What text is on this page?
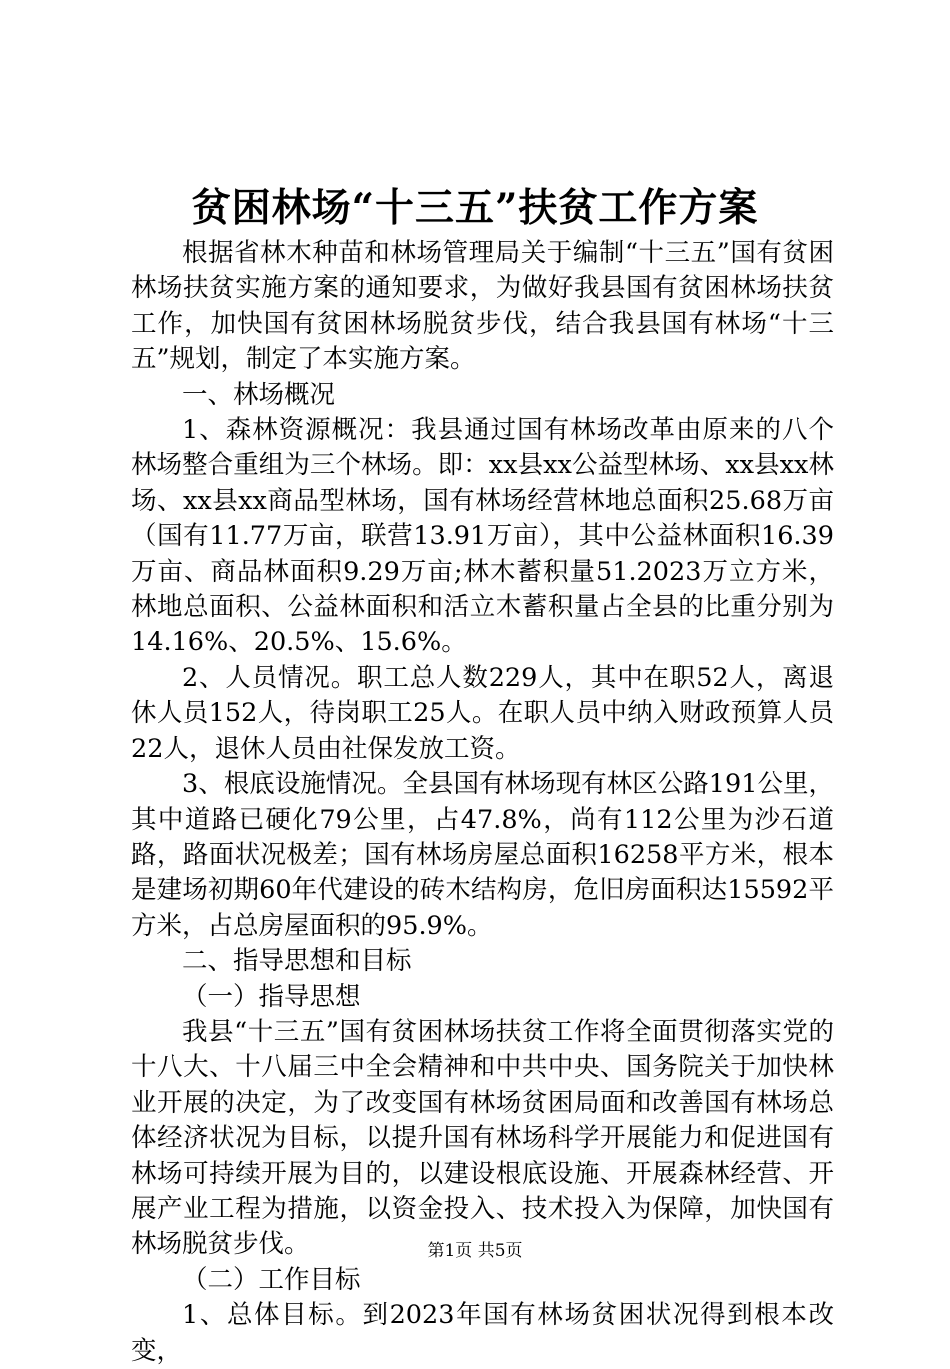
贫困林场“十三五”扶贫工作方案

根据省林木种苗和林场管理局关于编制“十三五”国有贫困林场扶贫实施方案的通知要求，为做好我县国有贫困林场扶贫工作，加快国有贫困林场脱贫步伐，结合我县国有林场“十三五”规划，制定了本实施方案。

一、林场概况

1、森林资源概况：我县通过国有林场改革由原来的八个林场整合重组为三个林场。即：xx县xx公益型林场、xx县xx林场、xx县xx商品型林场，国有林场经营林地总面积25.68万亩（国有11.77万亩，联营13.91万亩），其中公益林面积16.39万亩、商品林面积9.29万亩;林木蓄积量51.2023万立方米，林地总面积、公益林面积和活立木蓄积量占全县的比重分别为14.16%、20.5%、15.6%。

2、人员情况。职工总人数229人，其中在职52人，离退休人员152人，待岗职工25人。在职人员中纳入财政预算人员22人，退休人员由社保发放工资。

3、根底设施情况。全县国有林场现有林区公路191公里，其中道路已硬化79公里，占47.8%，尚有112公里为沙石道路，路面状况极差；国有林场房屋总面积16258平方米，根本是建场初期60年代建设的砖木结构房，危旧房面积达15592平方米，占总房屋面积的95.9%。

二、指导思想和目标

（一）指导思想

我县“十三五”国有贫困林场扶贫工作将全面贯彻落实党的十八大、十八届三中全会精神和中共中央、国务院关于加快林业开展的决定，为了改变国有林场贫困局面和改善国有林场总体经济状况为目标，以提升国有林场科学开展能力和促进国有林场可持续开展为目的，以建设根底设施、开展森林经营、开展产业工程为措施，以资金投入、技术投入为保障，加快国有林场脱贫步伐。

（二）工作目标

1、总体目标。到2023年国有林场贫困状况得到根本改变，

第1页 共5页
